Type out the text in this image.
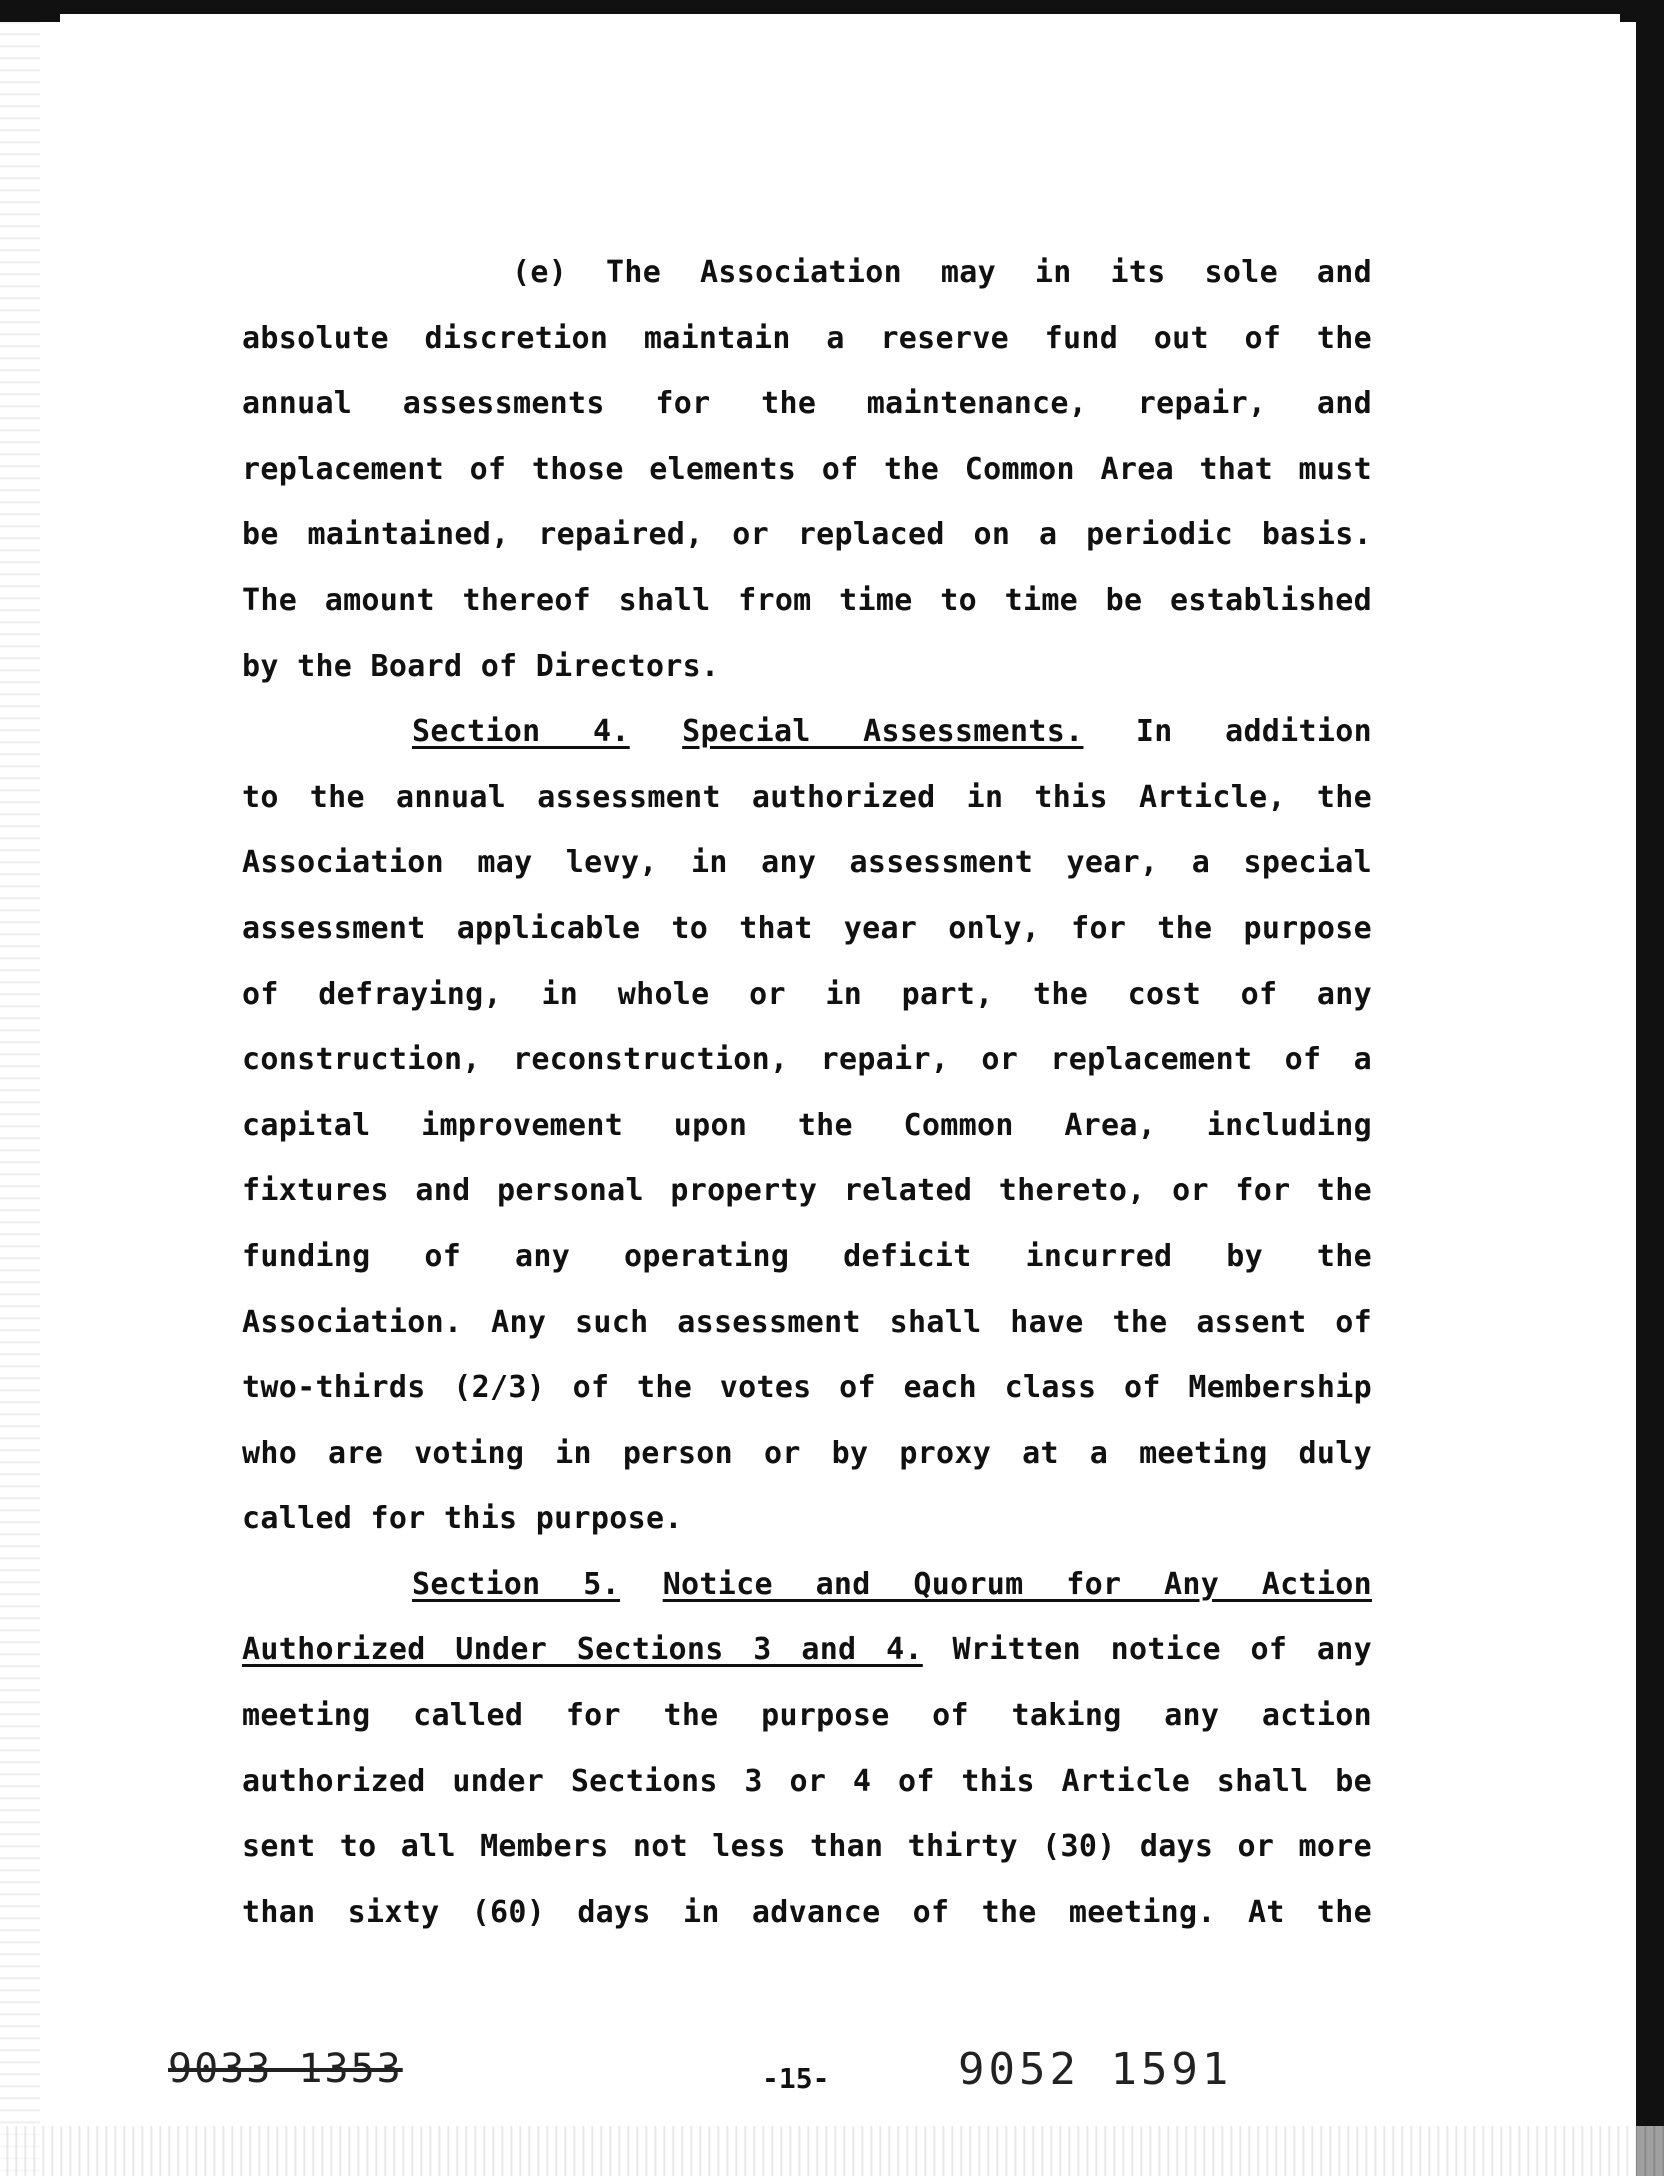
(e) The Association may in its sole and
absolute discretion maintain a reserve fund out of the
annual assessments for the maintenance, repair, and
replacement of those elements of the Common Area that must
be maintained, repaired, or replaced on a periodic basis.
The amount thereof shall from time to time be established
by the Board of Directors.
Section 4. Special Assessments. In addition
to the annual assessment authorized in this Article, the
Association may levy, in any assessment year, a special
assessment applicable to that year only, for the purpose
of defraying, in whole or in part, the cost of any
construction, reconstruction, repair, or replacement of a
capital improvement upon the Common Area, including
fixtures and personal property related thereto, or for the
funding of any operating deficit incurred by the
Association. Any such assessment shall have the assent of
two-thirds (2/3) of the votes of each class of Membership
who are voting in person or by proxy at a meeting duly
called for this purpose.
Section 5. Notice and Quorum for Any Action
Authorized Under Sections 3 and 4. Written notice of any
meeting called for the purpose of taking any action
authorized under Sections 3 or 4 of this Article shall be
sent to all Members not less than thirty (30) days or more
than sixty (60) days in advance of the meeting. At the
9033 1353	-15-	9052 1591
